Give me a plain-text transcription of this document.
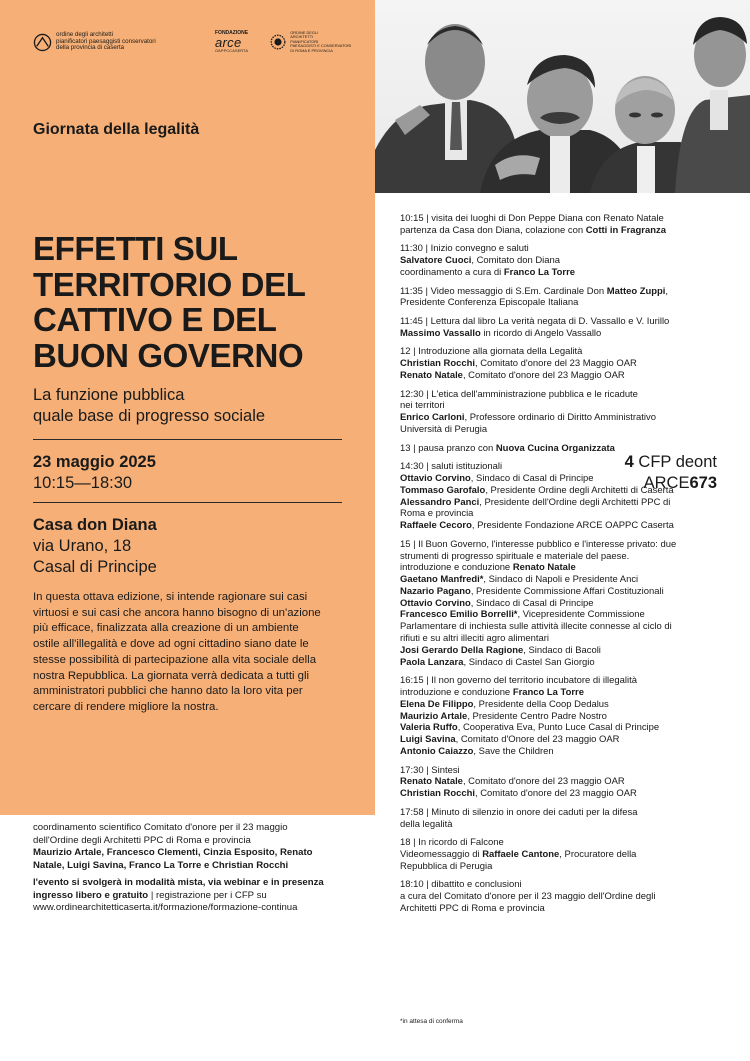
ordine degli architetti
pianificatori paesaggisti conservatori
della provincia di caserta
FONDAZIONE
arce
OAPPCCASERTA
ORDINE DEGLI
ARCHITETTI
PIANIFICATORI
PAESAGGISTI E CONSERVATORI
DI ROMA E PROVINCIA
Giornata della legalità
EFFETTI SUL
TERRITORIO DEL
CATTIVO E DEL
BUON GOVERNO
La funzione pubblica
quale base di progresso sociale
23 maggio 2025
10:15—18:30
4 CFP deont
ARCE673
Casa don Diana
via Urano, 18
Casal di Principe
In questa ottava edizione, si intende ragionare sui casi
virtuosi e sui casi che ancora hanno bisogno di un'azione
più efficace, finalizzata alla creazione di un ambiente
ostile all'illegalità e dove ad ogni cittadino siano date le
stesse possibilità di partecipazione alla vita sociale della
nostra Repubblica. La giornata verrà dedicata a tutti gli
amministratori pubblici che hanno dato la loro vita per
cercare di rendere migliore la nostra.

coordinamento scientifico Comitato d'onore per il 23 maggio
dell'Ordine degli Architetti PPC di Roma e provincia
Maurizio Artale, Francesco Clementi, Cinzia Esposito, Renato
Natale, Luigi Savina, Franco La Torre e Christian Rocchi

l'evento si svolgerà in modalità mista, via webinar e in presenza
ingresso libero e gratuito | registrazione per i CFP su
www.ordinearchitetticaserta.it/formazione/formazione-continua

10:15 | visita dei luoghi di Don Peppe Diana con Renato Natale
partenza da Casa don Diana, colazione con Cotti in Fragranza
11:30 | Inizio convegno e saluti
Salvatore Cuoci, Comitato don Diana
coordinamento a cura di Franco La Torre
11:35 | Video messaggio di S.Em. Cardinale Don Matteo Zuppi,
Presidente Conferenza Episcopale Italiana
11:45 | Lettura dal libro La verità negata di D. Vassallo e V. Iurillo
Massimo Vassallo in ricordo di Angelo Vassallo
12 | Introduzione alla giornata della Legalità
Christian Rocchi, Comitato d'onore del 23 Maggio OAR
Renato Natale, Comitato d'onore del 23 Maggio OAR
12:30 | L'etica dell'amministrazione pubblica e le ricadute
nei territori
Enrico Carloni, Professore ordinario di Diritto Amministrativo
Università di Perugia
13 | pausa pranzo con Nuova Cucina Organizzata
14:30 | saluti istituzionali
Ottavio Corvino, Sindaco di Casal di Principe
Tommaso Garofalo, Presidente Ordine degli Architetti di Caserta
Alessandro Panci, Presidente dell'Ordine degli Architetti PPC di
Roma e provincia
Raffaele Cecoro, Presidente Fondazione ARCE OAPPC Caserta
15 | Il Buon Governo, l'interesse pubblico e l'interesse privato: due
strumenti di progresso spirituale e materiale del paese.
introduzione e conduzione Renato Natale
Gaetano Manfredi*, Sindaco di Napoli e Presidente Anci
Nazario Pagano, Presidente Commissione Affari Costituzionali
Ottavio Corvino, Sindaco di Casal di Principe
Francesco Emilio Borrelli*, Vicepresidente Commissione
Parlamentare di inchiesta sulle attività illecite connesse al ciclo di
rifiuti e su altri illeciti agro alimentari
Josi Gerardo Della Ragione, Sindaco di Bacoli
Paola Lanzara, Sindaco di Castel San Giorgio
16:15 | Il non governo del territorio incubatore di illegalità
introduzione e conduzione Franco La Torre
Elena De Filippo, Presidente della Coop Dedalus
Maurizio Artale, Presidente Centro Padre Nostro
Valeria Ruffo, Cooperativa Eva, Punto Luce Casal di Principe
Luigi Savina, Comitato d'Onore del 23 maggio OAR
Antonio Caiazzo, Save the Children
17:30 | Sintesi
Renato Natale, Comitato d'onore del 23 maggio OAR
Christian Rocchi, Comitato d'onore del 23 maggio OAR
17:58 | Minuto di silenzio in onore dei caduti per la difesa
della legalità
18 | In ricordo di Falcone
Videomessaggio di Raffaele Cantone, Procuratore della
Repubblica di Perugia
18:10 | dibattito e conclusioni
a cura del Comitato d'onore per il 23 maggio dell'Ordine degli
Architetti PPC di Roma e provincia
*in attesa di conferma
